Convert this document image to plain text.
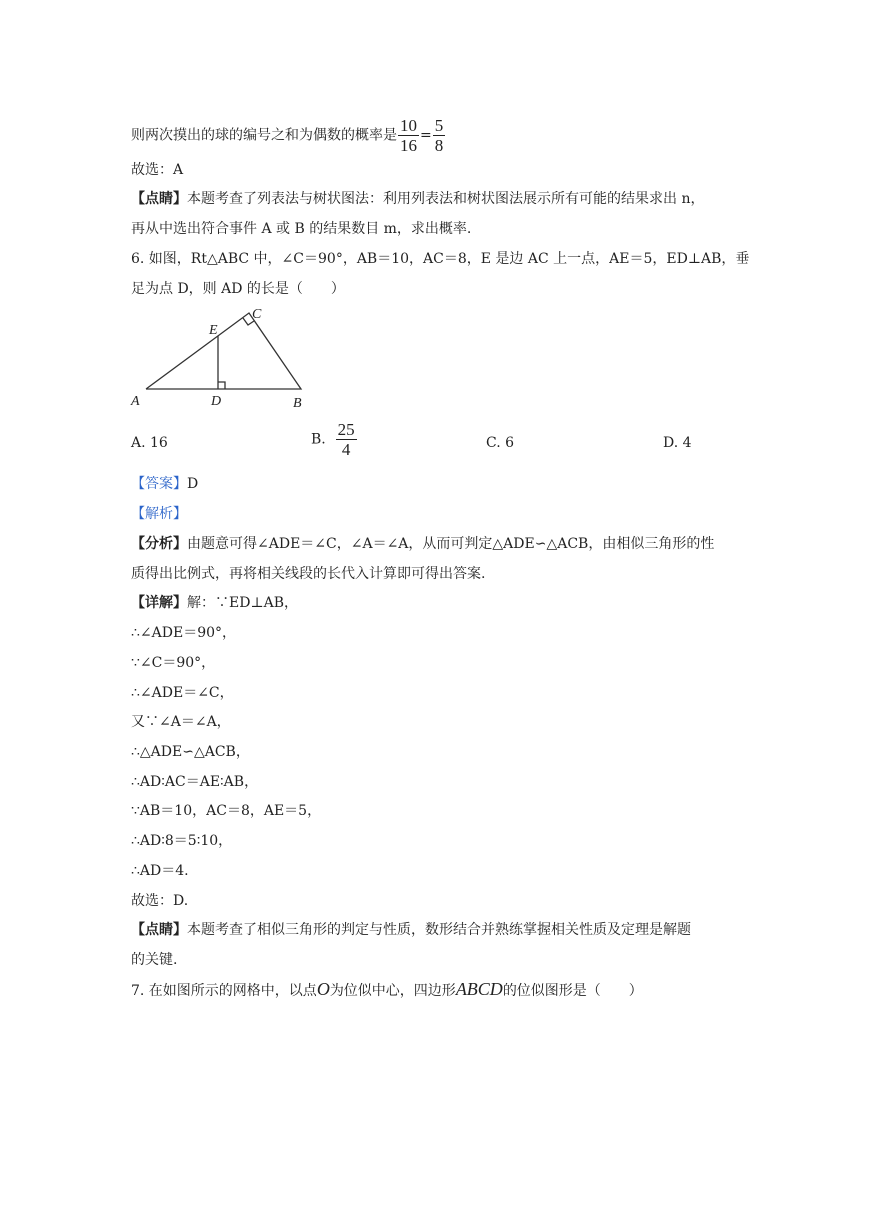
则两次摸出的球的编号之和为偶数的概率是 $\frac{10}{16} = \frac{5}{8}$
故选：A
【点睛】本题考查了列表法与树状图法：利用列表法和树状图法展示所有可能的结果求出 n，
再从中选出符合事件 A 或 B 的结果数目 m，求出概率.
6. 如图，Rt△ABC 中，∠C＝90°，AB＝10，AC＝8，E 是边 AC 上一点，AE＝5，ED⊥AB，垂
足为点 D，则 AD 的长是（　　）
A	D	B
E
C
A. 16	B. $\frac{25}{4}$	C. 6	D. 4
【答案】D
【解析】
【分析】由题意可得∠ADE＝∠C，∠A＝∠A，从而可判定△ADE∽△ACB，由相似三角形的性
质得出比例式，再将相关线段的长代入计算即可得出答案.
【详解】解：∵ED⊥AB，
∴∠ADE＝90°，
∵∠C＝90°，
∴∠ADE＝∠C，
又∵∠A＝∠A，
∴△ADE∽△ACB，
∴AD∶AC＝AE∶AB，
∵AB＝10，AC＝8，AE＝5，
∴AD∶8＝5∶10，
∴AD＝4.
故选：D.
【点睛】本题考查了相似三角形的判定与性质，数形结合并熟练掌握相关性质及定理是解题
的关键.
7. 在如图所示的网格中，以点O为位似中心，四边形ABCD的位似图形是（　　）
